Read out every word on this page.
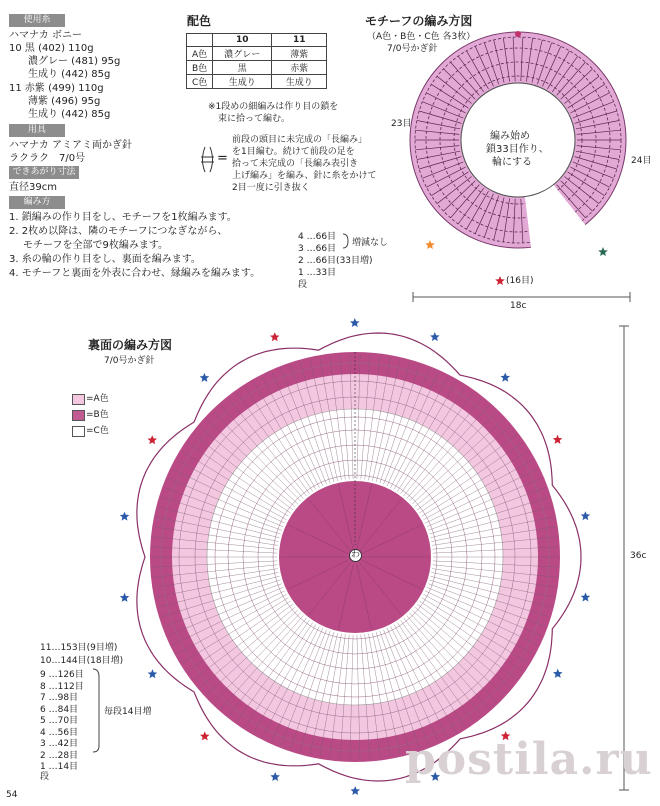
使用糸
ハマナカ ボニー
10 黒 (402) 110g
濃グレー (481) 95g
生成り (442) 85g
11 赤紫 (499) 110g
薄紫 (496) 95g
生成り (442) 85g
用具
ハマナカ アミアミ両かぎ針
ラクラク　7/0号
できあがり寸法
直径39cm
編み方
1. 鎖編みの作り目をし、モチーフを1枚編みます。
2. 2枚め以降は、隣のモチーフにつなぎながら、
モチーフを全部で9枚編みます。
3. 糸の輪の作り目をし、裏面を編みます。
4. モチーフと裏面を外表に合わせ、縁編みを編みます。
配色
	10	11
A色	濃グレー	薄紫
B色	黒	赤紫
C色	生成り	生成り
※1段めの細編みは作り目の鎖を
束に拾って編む。
前段の頭目に未完成の「長編み」
を1目編む。続けて前段の足を
拾って未完成の「長編み表引き
上げ編み」を編み、針に糸をかけて
2目一度に引き抜く
=
モチーフの編み方図
（A色・B色・C色 各3枚）
7/0号かぎ針
編み始め
鎖33目作り、
輪にする
23目
24目
(16目)
18c
4 …66目
3 …66目
2 …66目(33目増)
1 …33目
段
増減なし
裏面の編み方図
7/0号かぎ針
=A色
=B色
=C色
36c
わ
11…153目(9目増)
10…144目(18目増)
9 …126目
8 …112目
7 …98目
6 …84目
5 …70目
4 …56目
3 …42目
2 …28目
1 …14目
段
毎段14目増
54
postila.ru
